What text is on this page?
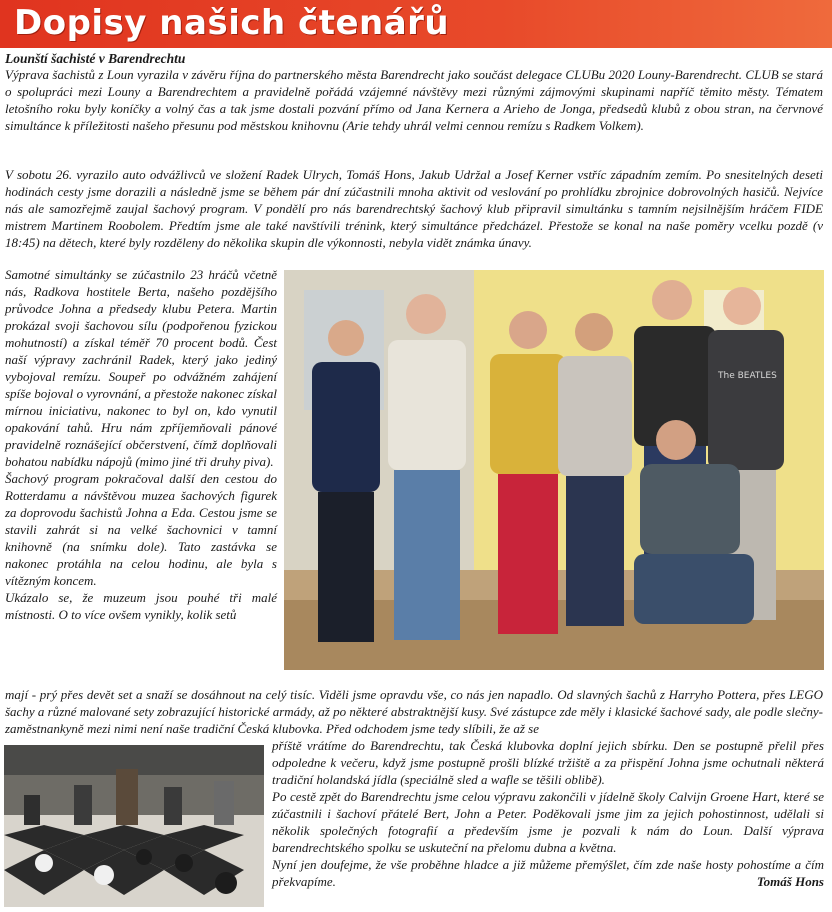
Dopisy našich čtenářů
Lounští šachisté v Barendrechtu

Výprava šachistů z Loun vyrazila v závěru října do partnerského města Barendrecht jako součást delegace CLUBu 2020 Louny-Barendrecht. CLUB se stará o spolupráci mezi Louny a Barendrechtem a pravidelně pořádá vzájemné návštěvy mezi různými zájmovými skupinami napříč těmito městy. Tématem letošního roku byly koníčky a volný čas a tak jsme dostali pozvání přímo od Jana Kernera a Arieho de Jonga, předsedů klubů z obou stran, na červnové simultánce k příležitosti našeho přesunu pod městskou knihovnu (Arie tehdy uhrál velmi cennou remízu s Radkem Volkem).

V sobotu 26. vyrazilo auto odvážlivců ve složení Radek Ulrych, Tomáš Hons, Jakub Udržal a Josef Kerner vstříc západním zemím. Po snesitelných deseti hodinách cesty jsme dorazili a následně jsme se během pár dní zúčastnili mnoha aktivit od veslování po prohlídku zbrojnice dobrovolných hasičů. Nejvíce nás ale samozřejmě zaujal šachový program. V pondělí pro nás barendrechtský šachový klub připravil simultánku s tamním nejsilnějším hráčem FIDE mistrem Martinem Roobolem. Předtím jsme ale také navštívili trénink, který simultánce předcházel. Přestože se konal na naše poměry vcelku pozdě (v 18:45) na dětech, které byly rozděleny do několika skupin dle výkonnosti, nebyla vidět známka únavy.

Samotné simultánky se zúčastnilo 23 hráčů včetně nás, Radkova hostitele Berta, našeho pozdějšího průvodce Johna a předsedy klubu Petera. Martin prokázal svoji šachovou sílu (podpořenou fyzickou mohutností) a získal téměř 70 procent bodů. Čest naší výpravy zachránil Radek, který jako jediný vybojoval remízu. Soupeř po odvážném zahájení spíše bojoval o vyrovnání, a přestože nakonec získal mírnou iniciativu, nakonec to byl on, kdo vynutil opakování tahů. Hru nám zpříjemňovali pánové pravidelně roznášející občerstvení, čímž doplňovali bohatou nabídku nápojů (mimo jiné tři druhy piva).

Šachový program pokračoval další den cestou do Rotterdamu a návštěvou muzea šachových figurek za doprovodu šachistů Johna a Eda. Cestou jsme se stavili zahrát si na velké šachovnici v tamní knihovně (na snímku dole). Tato zastávka se nakonec protáhla na celou hodinu, ale byla s vítězným koncem.

Ukázalo se, že muzeum jsou pouhé tři malé místnosti. O to více ovšem vynikly, kolik setů

The BEATLES

mají - prý přes devět set a snaží se dosáhnout na celý tisíc. Viděli jsme opravdu vše, co nás jen napadlo. Od slavných šachů z Harryho Pottera, přes LEGO šachy a různé malované sety zobrazující historické armády, až po některé abstraktnější kusy. Své zástupce zde měly i klasické šachové sady, ale podle slečny-zaměstnankyně mezi nimi není naše tradiční Česká klubovka. Před odchodem jsme tedy slíbili, že až se

příště vrátíme do Barendrechtu, tak Česká klubovka doplní jejich sbírku. Den se postupně přelil přes odpoledne k večeru, když jsme postupně prošli blízké tržiště a za přispění Johna jsme ochutnali některá tradiční holandská jídla (speciálně sled a wafle se těšili oblibě).

Po cestě zpět do Barendrechtu jsme celou výpravu zakončili v jídelně školy Calvijn Groene Hart, které se zúčastnili i šachoví přátelé Bert, John a Peter. Poděkovali jsme jim za jejich pohostinnost, udělali si několik společných fotografií a především jsme je pozvali k nám do Loun. Další výprava barendrechtského spolku se uskuteční na přelomu dubna a května.

Nyní jen doufejme, že vše proběhne hladce a již můžeme přemýšlet, čím zde naše hosty pohostíme a čím překvapíme.	Tomáš Hons
